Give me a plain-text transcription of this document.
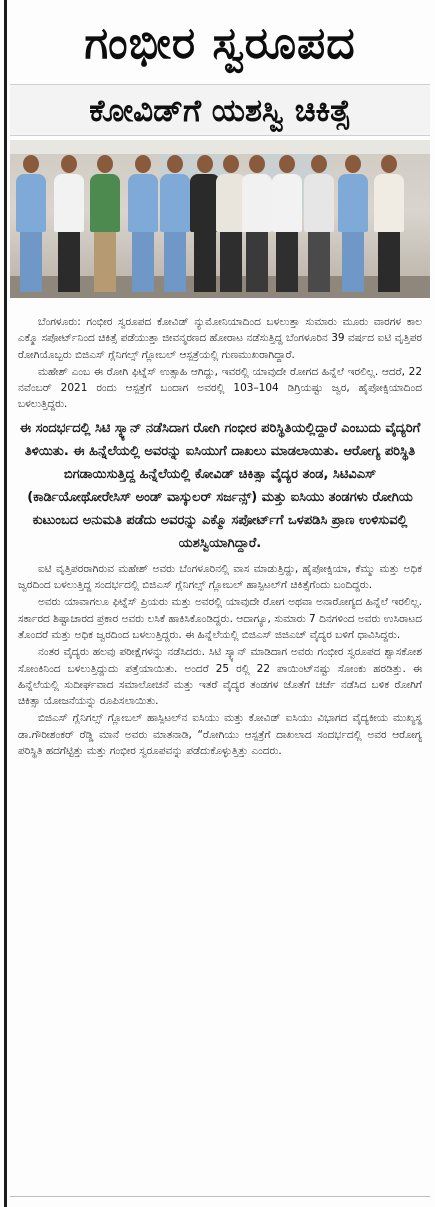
ಗಂಭೀರ ಸ್ವರೂಪದ
ಕೋವಿಡ್‌ಗೆ ಯಶಸ್ವಿ ಚಿಕಿತ್ಸೆ

ಬೆಂಗಳೂರು: ಗಂಭೀರ ಸ್ವರೂಪದ ಕೋವಿಡ್ ನ್ಯುಮೋನಿಯಾದಿಂದ ಬಳಲುತ್ತಾ ಸುಮಾರು ಮೂರು ವಾರಗಳ ಕಾಲ ಎಕ್ಮೊ ಸಪೋರ್ಟ್‌ನಿಂದ ಚಿಕಿತ್ಸೆ ಪಡೆಯುತ್ತಾ ಜೀವನ್ಮರಣದ ಹೋರಾಟ ನಡೆಸುತ್ತಿದ್ದ ಬೆಂಗಳೂರಿನ 39 ವರ್ಷದ ಐಟಿ ವೃತ್ತಿಪರ ರೋಗಿಯೊಬ್ಬರು ಬಿಜಿಎಸ್ ಗ್ಲೆನಿಗಲ್ಸ್ ಗ್ಲೋಬಲ್ ಆಸ್ಪತ್ರೆಯಲ್ಲಿ ಗುಣಮುಖರಾಗಿದ್ದಾರೆ.

ಮಹೇಶ್ ಎಂಬ ಈ ರೋಗಿ ಫಿಟ್ನೆಸ್ ಉತ್ಸಾಹಿ ಆಗಿದ್ದು, ಇವರಲ್ಲಿ ಯಾವುದೇ ರೋಗದ ಹಿನ್ನೆಲೆ ಇರಲಿಲ್ಲ. ಆದರೆ, 22 ನವೆಂಬರ್ 2021 ರಂದು ಆಸ್ಪತ್ರೆಗೆ ಬಂದಾಗ ಅವರಲ್ಲಿ 103–104 ಡಿಗ್ರಿಯಷ್ಟು ಜ್ವರ, ಹೈಪೋಕ್ಸಿಯಾದಿಂದ ಬಳಲುತ್ತಿದ್ದರು.

ಈ ಸಂದರ್ಭದಲ್ಲಿ ಸಿಟಿ ಸ್ಕ್ಯಾನ್ ನಡೆಸಿದಾಗ ರೋಗಿ ಗಂಭೀರ ಪರಿಸ್ಥಿತಿಯಲ್ಲಿದ್ದಾರೆ ಎಂಬುದು ವೈದ್ಯರಿಗೆ ತಿಳಿಯಿತು. ಈ ಹಿನ್ನೆಲೆಯಲ್ಲಿ ಅವರನ್ನು ಐಸಿಯುಗೆ ದಾಖಲು ಮಾಡಲಾಯಿತು. ಆರೋಗ್ಯ ಪರಿಸ್ಥಿತಿ ಬಿಗಡಾಯಿಸುತ್ತಿದ್ದ ಹಿನ್ನೆಲೆಯಲ್ಲಿ ಕೋವಿಡ್ ಚಿಕಿತ್ಸಾ ವೈದ್ಯರ ತಂಡ, ಸಿಟಿವಿಎಸ್ (ಕಾರ್ಡಿಯೋಥೋರೇಸಿಸ್ ಅಂಡ್ ವಾಸ್ಕುಲರ್ ಸರ್ಜನ್ಸ್) ಮತ್ತು ಐಸಿಯು ತಂಡಗಳು ರೋಗಿಯ ಕುಟುಂಬದ ಅನುಮತಿ ಪಡೆದು ಅವರನ್ನು ಎಕ್ಮೊ ಸಪೋರ್ಟ್‌ಗೆ ಒಳಪಡಿಸಿ ಪ್ರಾಣ ಉಳಿಸುವಲ್ಲಿ ಯಶಸ್ವಿಯಾಗಿದ್ದಾರೆ.

ಐಟಿ ವೃತ್ತಿಪರರಾಗಿರುವ ಮಹೇಶ್ ಅವರು ಬೆಂಗಳೂರಿನಲ್ಲಿ ವಾಸ ಮಾಡುತ್ತಿದ್ದು, ಹೈಪೋಕ್ಸಿಯಾ, ಕೆಮ್ಮು ಮತ್ತು ಅಧಿಕ ಜ್ವರದಿಂದ ಬಳಲುತ್ತಿದ್ದ ಸಂದರ್ಭದಲ್ಲಿ ಬಿಜಿಎಸ್ ಗ್ಲೆನಿಗಲ್ಸ್ ಗ್ಲೋಬಲ್ ಹಾಸ್ಪಿಟಲ್‌ಗೆ ಚಿಕಿತ್ಸೆಗೆಂದು ಬಂದಿದ್ದರು.

ಅವರು ಯಾವಾಗಲೂ ಫಿಟ್ನೆಸ್ ಪ್ರಿಯರು ಮತ್ತು ಅವರಲ್ಲಿ ಯಾವುದೇ ರೋಗ ಅಥವಾ ಅನಾರೋಗ್ಯದ ಹಿನ್ನೆಲೆ ಇರಲಿಲ್ಲ. ಸರ್ಕಾರದ ಶಿಷ್ಟಾಚಾರದ ಪ್ರಕಾರ ಅವರು ಲಸಿಕೆ ಹಾಕಿಸಿಕೊಂಡಿದ್ದರು. ಆದಾಗ್ಯೂ, ಸುಮಾರು 7 ದಿನಗಳಿಂದ ಅವರು ಉಸಿರಾಟದ ತೊಂದರೆ ಮತ್ತು ಅಧಿಕ ಜ್ವರದಿಂದ ಬಳಲುತ್ತಿದ್ದರು. ಈ ಹಿನ್ನೆಲೆಯಲ್ಲಿ ಬಿಜಿಎಸ್ ಜಿಜಿಎಚ್ ವೈದ್ಯರ ಬಳಿಗೆ ಧಾವಿಸಿದ್ದರು.

ನಂತರ ವೈದ್ಯರು ಹಲವು ಪರೀಕ್ಷೆಗಳನ್ನು ನಡೆಸಿದರು. ಸಿಟಿ ಸ್ಕ್ಯಾನ್ ಮಾಡಿದಾಗ ಅವರು ಗಂಭೀರ ಸ್ವರೂಪದ ಶ್ವಾಸಕೋಶ ಸೋಂಕಿನಿಂದ ಬಳಲುತ್ತಿದ್ದುದು ಪತ್ತೆಯಾಯಿತು. ಅಂದರೆ 25 ರಲ್ಲಿ 22 ಪಾಯಿಂಟ್‌ನಷ್ಟು ಸೋಂಕು ಹರಡಿತ್ತು. ಈ ಹಿನ್ನೆಲೆಯಲ್ಲಿ ಸುದೀರ್ಘವಾದ ಸಮಾಲೋಚನೆ ಮತ್ತು ಇತರೆ ವೈದ್ಯರ ತಂಡಗಳ ಜೊತೆಗೆ ಚರ್ಚೆ ನಡೆಸಿದ ಬಳಿಕ ರೋಗಿಗೆ ಚಿಕಿತ್ಸಾ ಯೋಜನೆಯನ್ನು ರೂಪಿಸಲಾಯಿತು.

ಬಿಜಿಎಸ್ ಗ್ಲೆನಿಗಲ್ಸ್ ಗ್ಲೋಬಲ್ ಹಾಸ್ಪಿಟಲ್‌ನ ಐಸಿಯು ಮತ್ತು ಕೋವಿಡ್ ಐಸಿಯು ವಿಭಾಗದ ವೈದ್ಯಕೀಯ ಮುಖ್ಯಸ್ಥ ಡಾ.ಗೌರೀಶಂಕರ್ ರೆಡ್ಡಿ ಮಾನೆ ಅವರು ಮಾತನಾಡಿ, “ರೋಗಿಯು ಆಸ್ಪತ್ರೆಗೆ ದಾಖಲಾದ ಸಂದರ್ಭದಲ್ಲಿ ಅವರ ಆರೋಗ್ಯ ಪರಿಸ್ಥಿತಿ ಹದಗೆಟ್ಟಿತ್ತು ಮತ್ತು ಗಂಭೀರ ಸ್ವರೂಪವನ್ನು ಪಡೆದುಕೊಳ್ಳುತ್ತಿತ್ತು ಎಂದರು.
